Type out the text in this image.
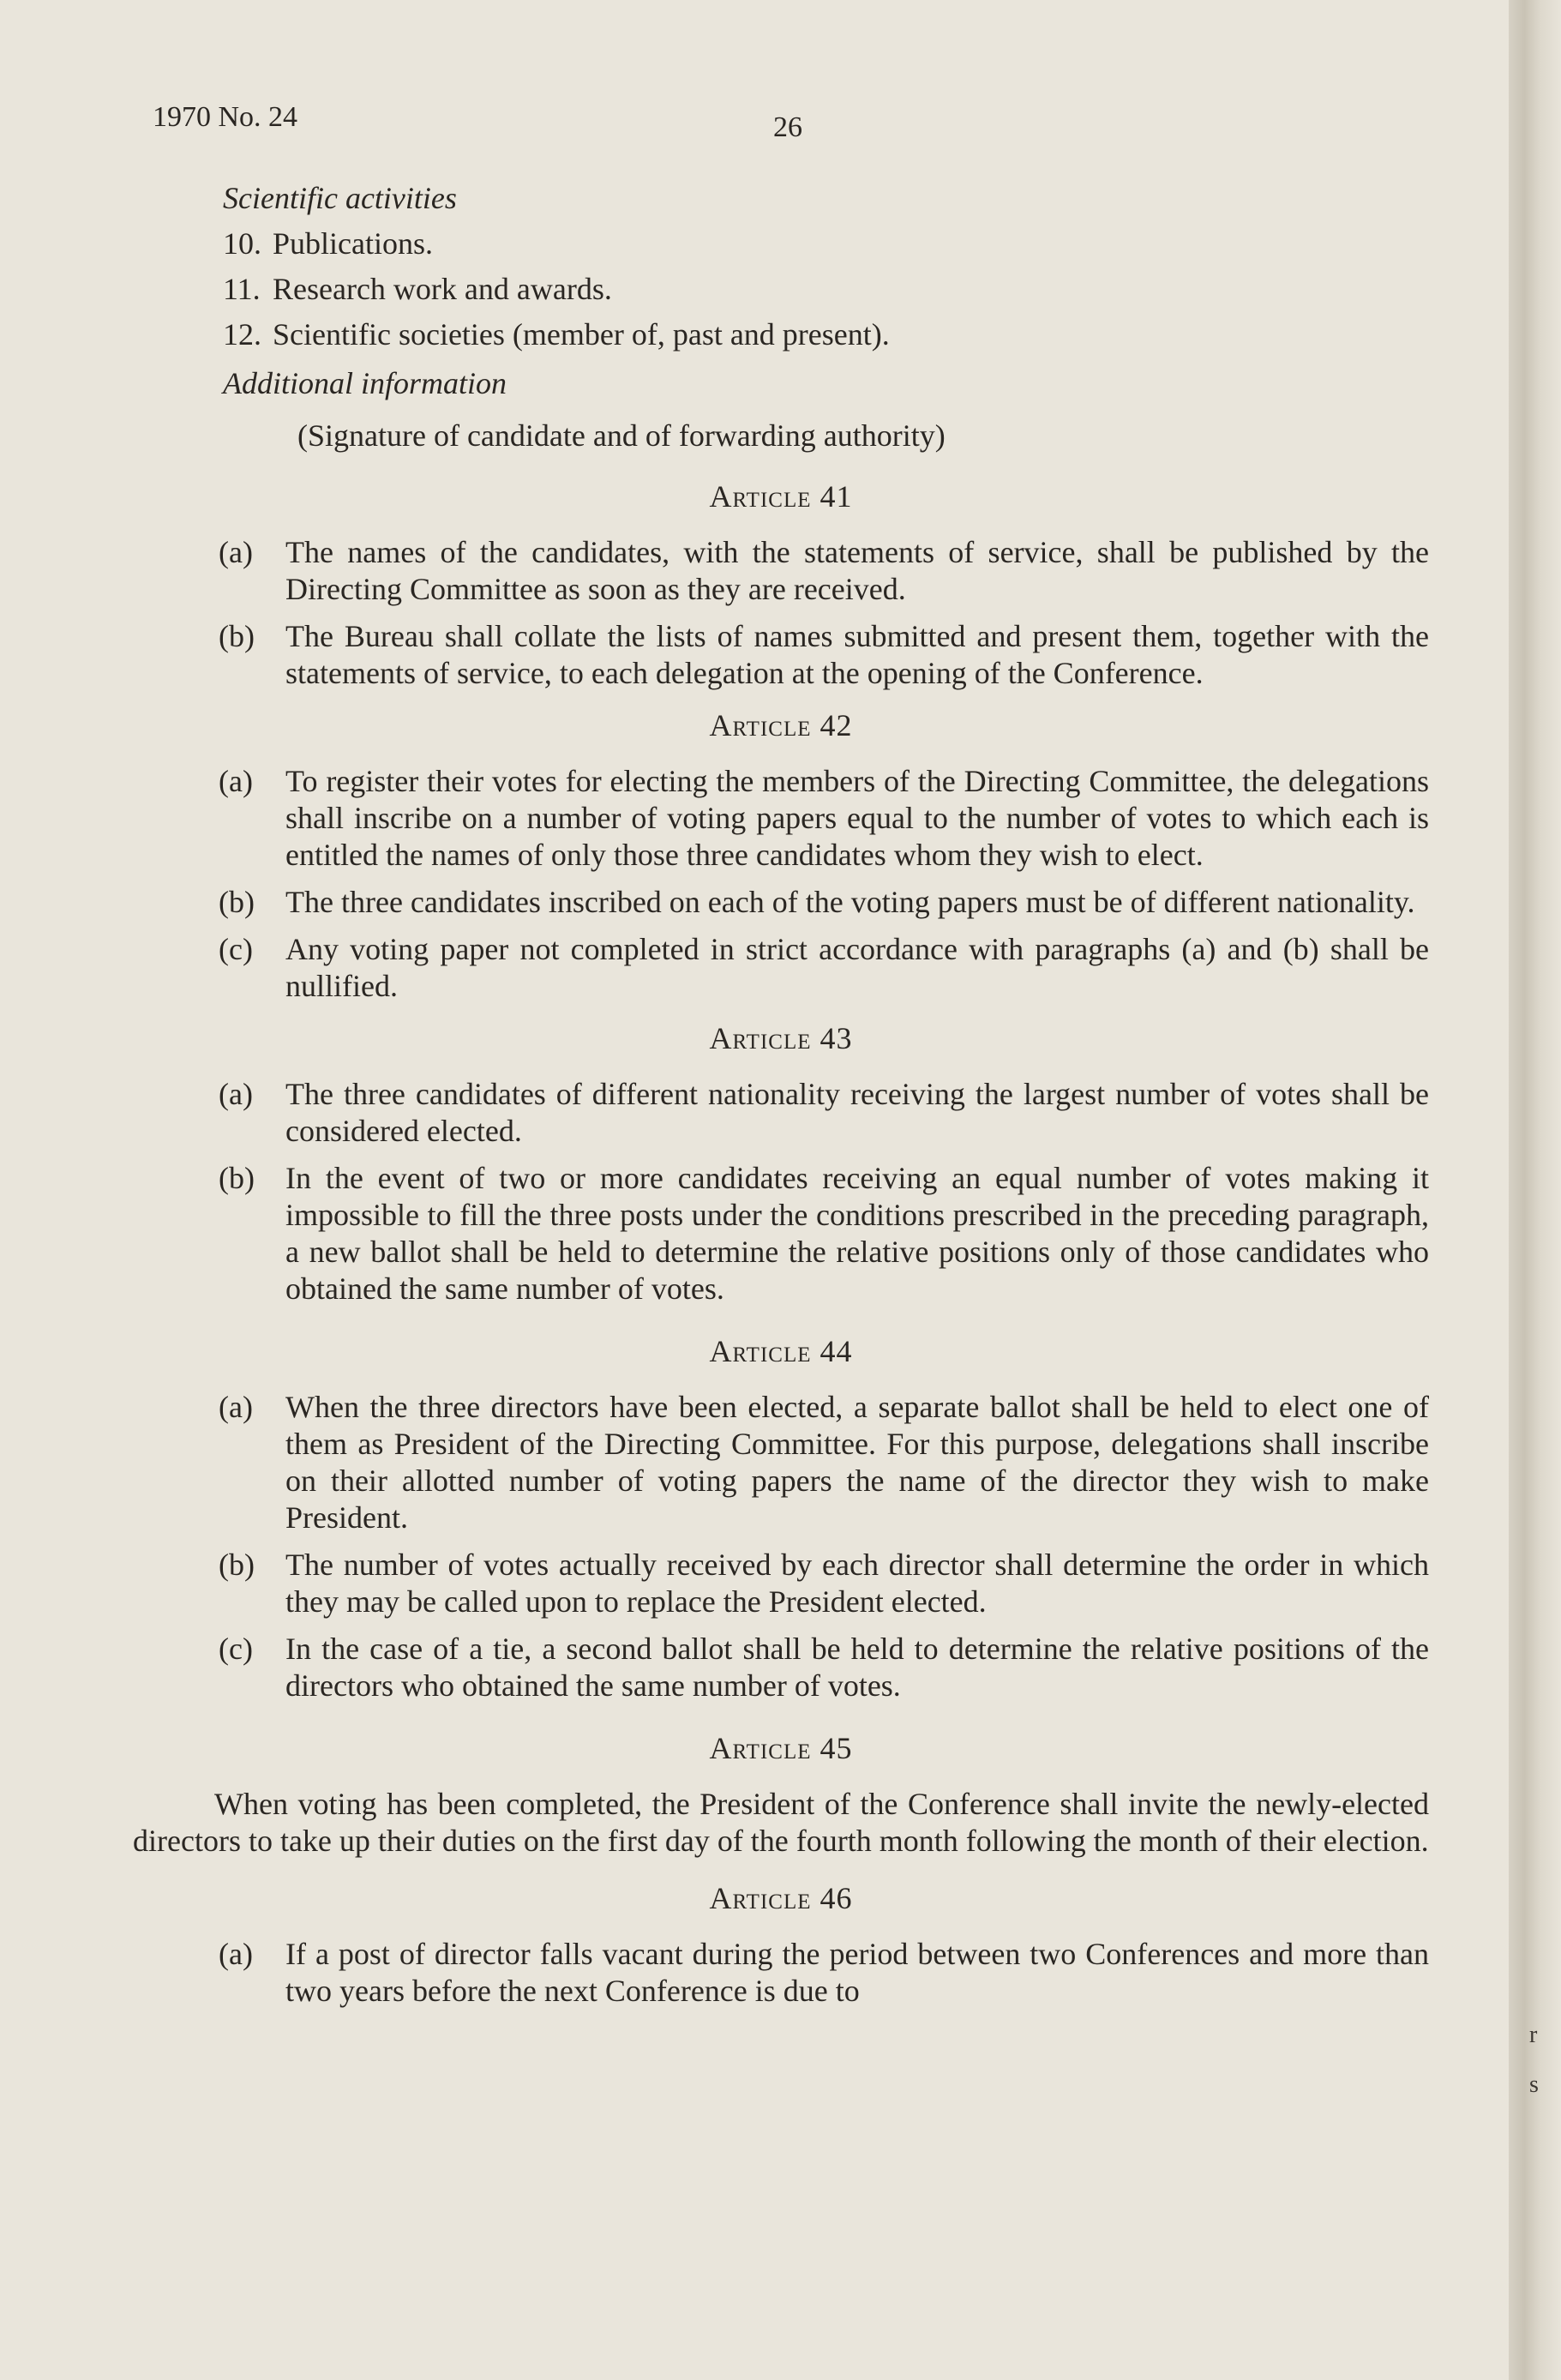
1970 No. 24	26
Scientific activities
10. Publications.
11. Research work and awards.
12. Scientific societies (member of, past and present).
Additional information
(Signature of candidate and of forwarding authority)
Article 41
(a) The names of the candidates, with the statements of service, shall be published by the Directing Committee as soon as they are received.
(b) The Bureau shall collate the lists of names submitted and present them, together with the statements of service, to each delegation at the opening of the Conference.
Article 42
(a) To register their votes for electing the members of the Directing Committee, the delegations shall inscribe on a number of voting papers equal to the number of votes to which each is entitled the names of only those three candidates whom they wish to elect.
(b) The three candidates inscribed on each of the voting papers must be of different nationality.
(c) Any voting paper not completed in strict accordance with paragraphs (a) and (b) shall be nullified.
Article 43
(a) The three candidates of different nationality receiving the largest number of votes shall be considered elected.
(b) In the event of two or more candidates receiving an equal number of votes making it impossible to fill the three posts under the conditions prescribed in the preceding paragraph, a new ballot shall be held to determine the relative positions only of those candidates who obtained the same number of votes.
Article 44
(a) When the three directors have been elected, a separate ballot shall be held to elect one of them as President of the Directing Committee. For this purpose, delegations shall inscribe on their allotted number of voting papers the name of the director they wish to make President.
(b) The number of votes actually received by each director shall determine the order in which they may be called upon to replace the President elected.
(c) In the case of a tie, a second ballot shall be held to determine the relative positions of the directors who obtained the same number of votes.
Article 45
When voting has been completed, the President of the Conference shall invite the newly-elected directors to take up their duties on the first day of the fourth month following the month of their election.
Article 46
(a) If a post of director falls vacant during the period between two Conferences and more than two years before the next Conference is due to
r
s
